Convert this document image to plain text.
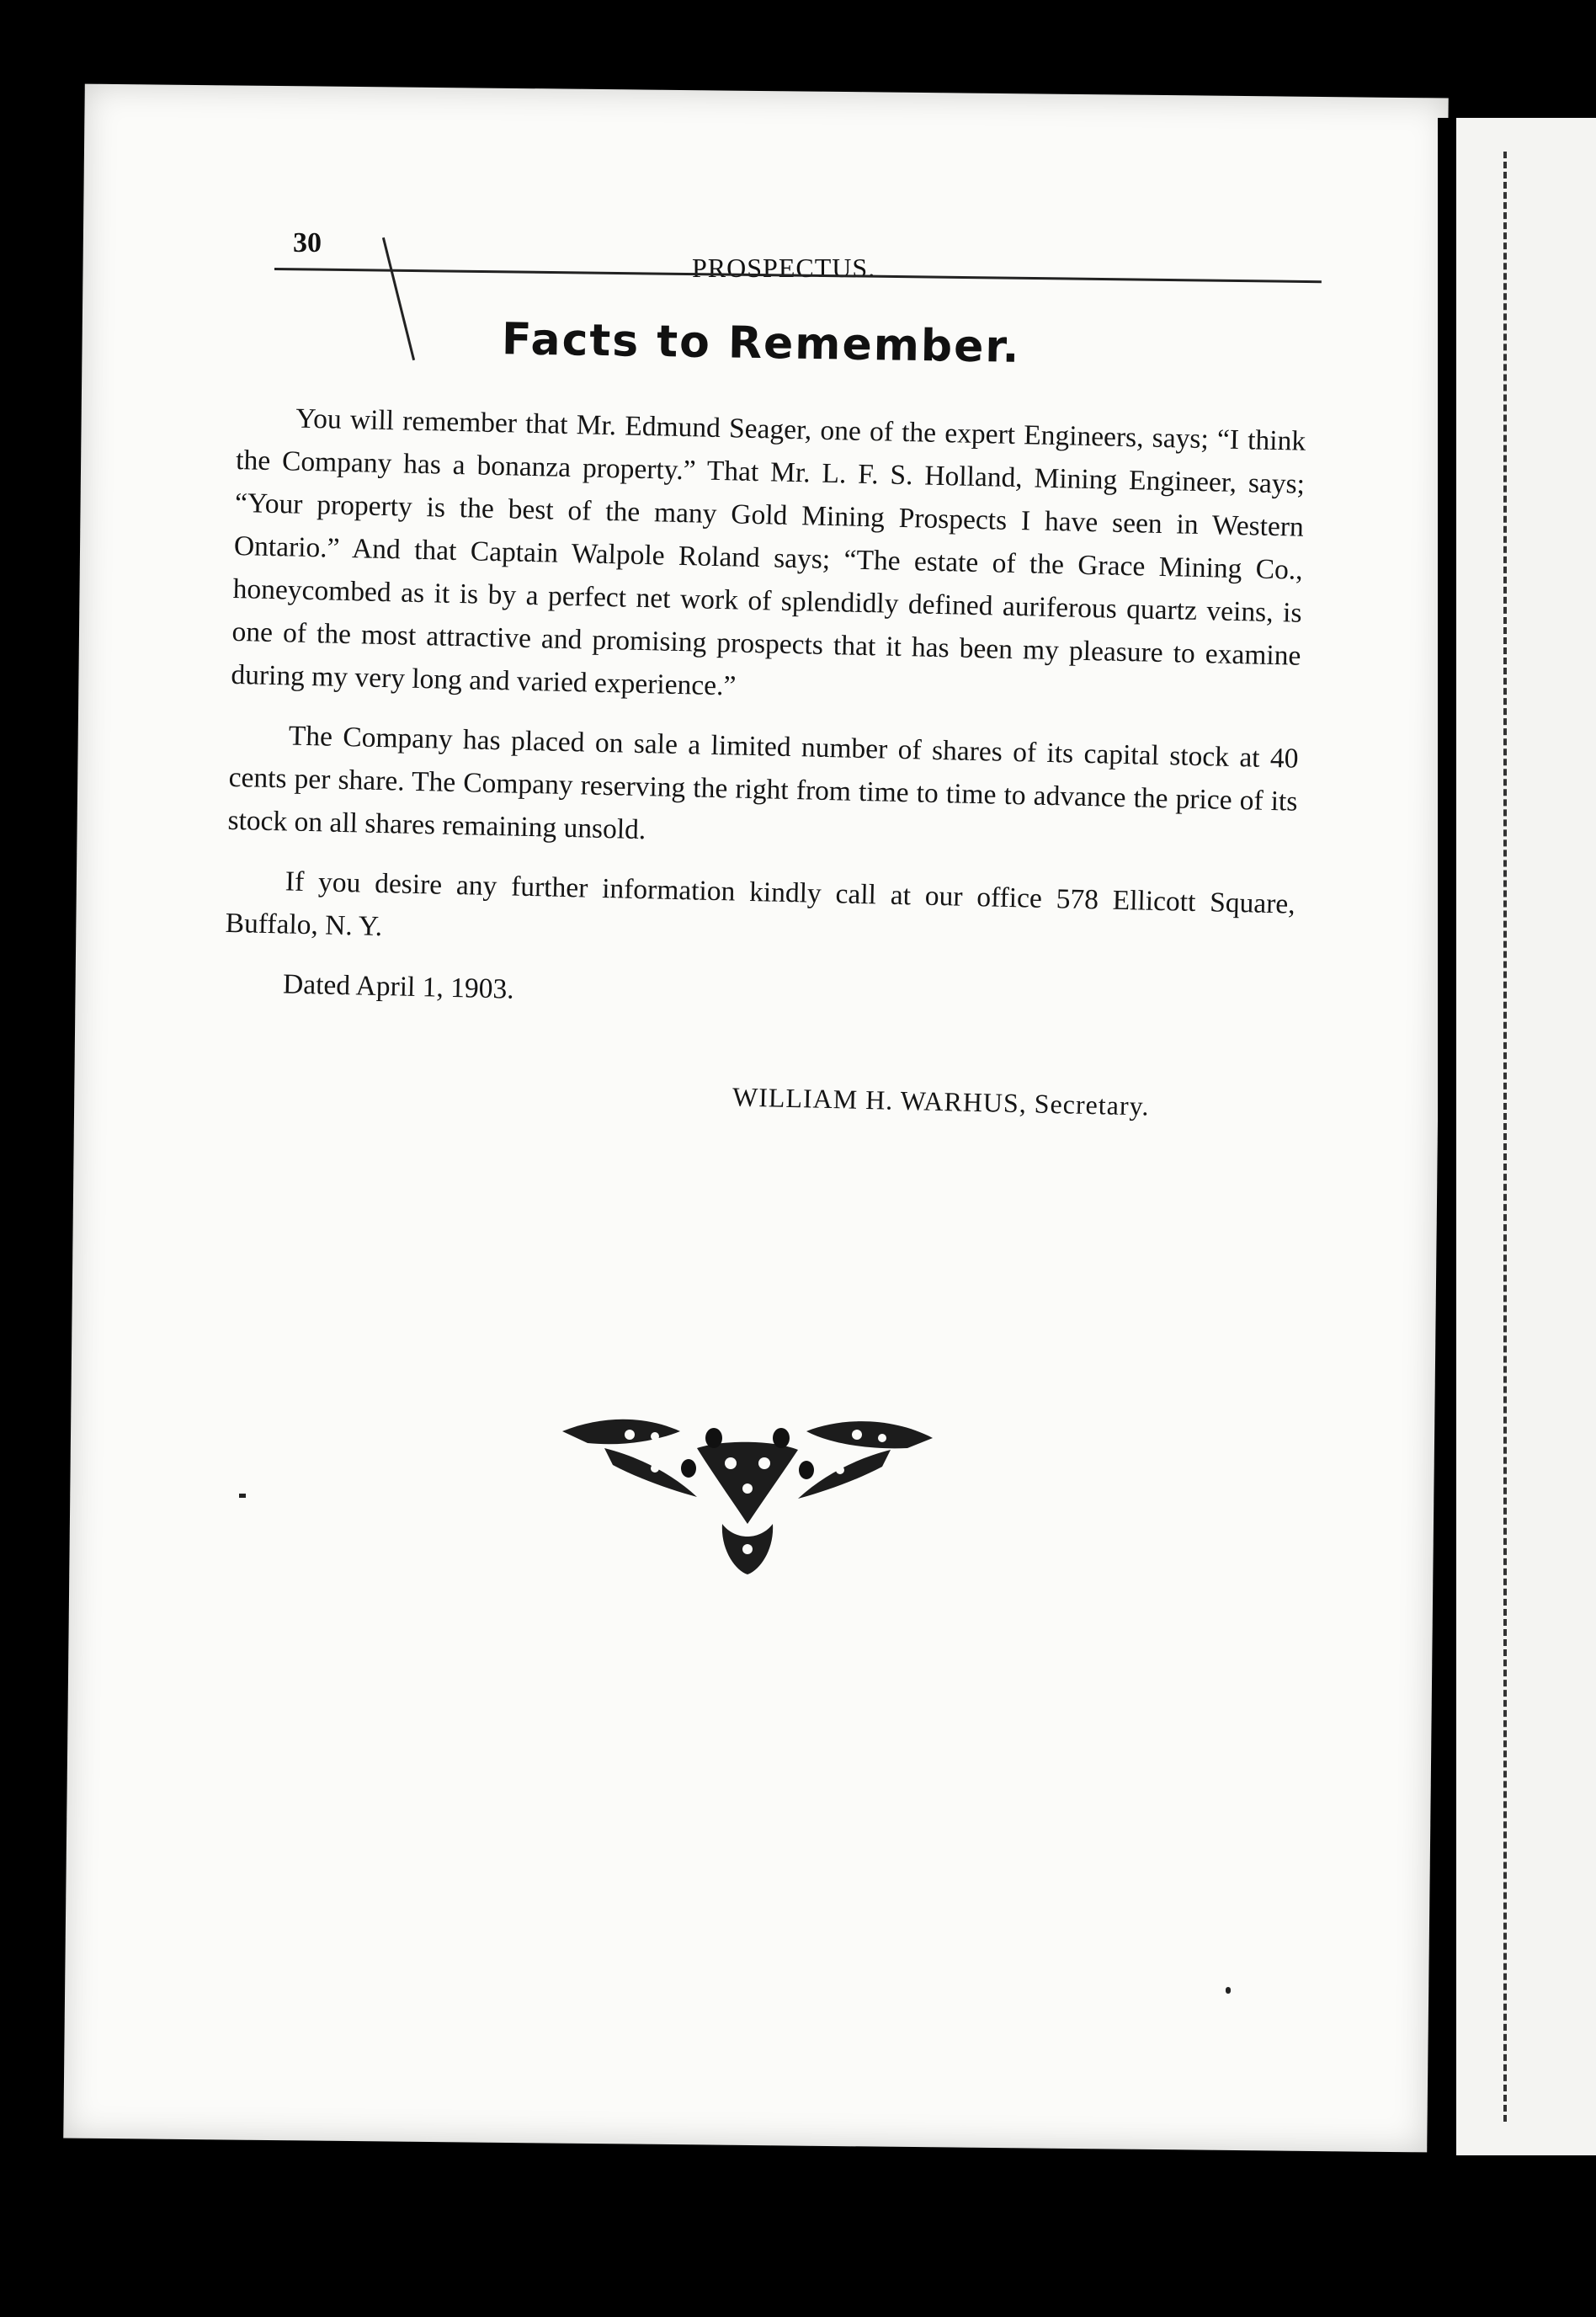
30
PROSPECTUS.
Facts to Remember.

You will remember that Mr. Edmund Seager, one of the expert Engineers, says; “I think the Company has a bonanza property.” That Mr. L. F. S. Holland, Mining Engineer, says; “Your property is the best of the many Gold Mining Prospects I have seen in Western Ontario.” And that Captain Walpole Roland says; “The estate of the Grace Mining Co., honeycombed as it is by a perfect net work of splendidly defined auriferous quartz veins, is one of the most attractive and promising prospects that it has been my pleasure to examine during my very long and varied experience.”

The Company has placed on sale a limited number of shares of its capital stock at 40 cents per share. The Company reserving the right from time to time to advance the price of its stock on all shares remaining unsold.

If you desire any further information kindly call at our office 578 Ellicott Square, Buffalo, N. Y.

Dated April 1, 1903.

WILLIAM H. WARHUS, Secretary.
